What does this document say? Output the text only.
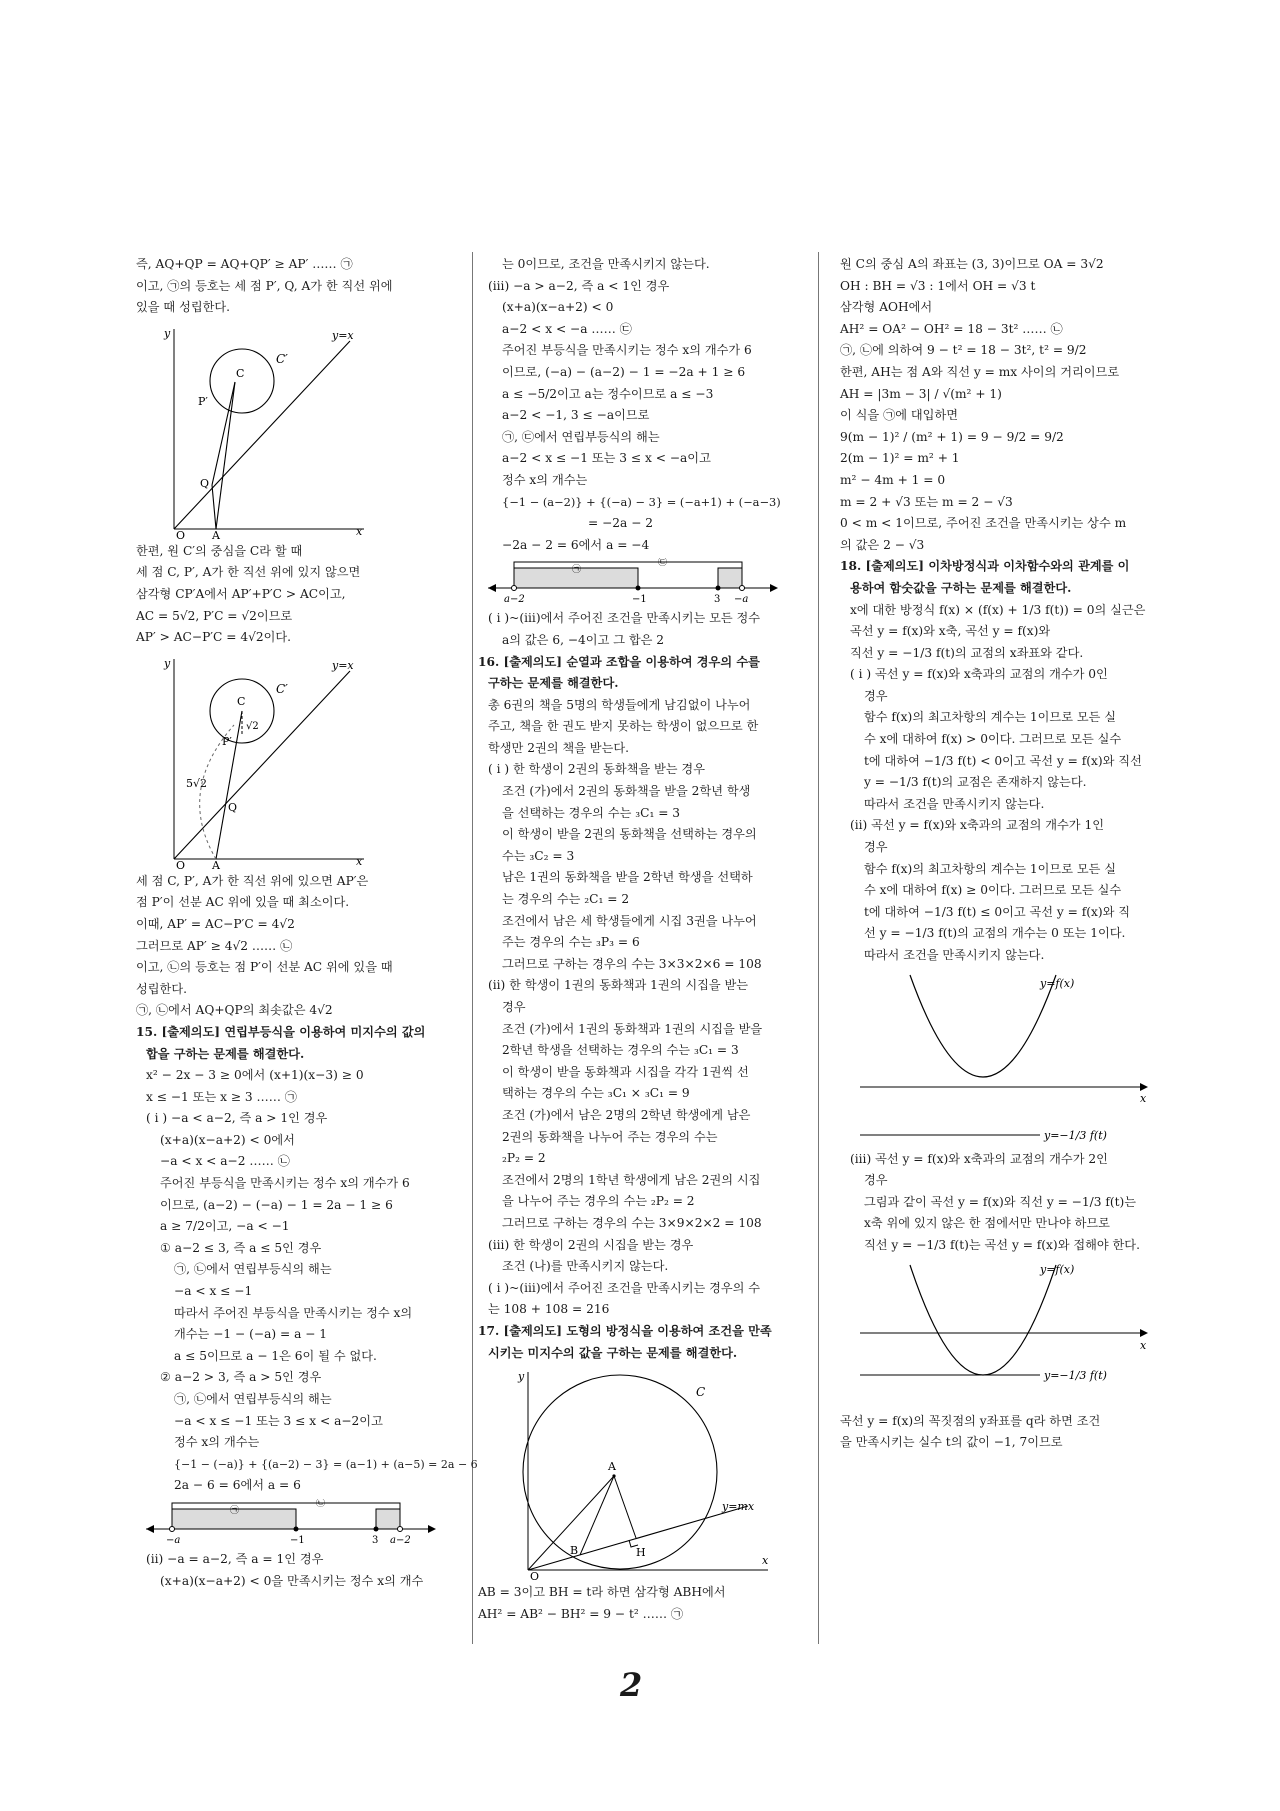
즉, AQ+QP = AQ+QP′ ≥ AP′ …… ㉠

이고, ㉠의 등호는 세 점 P′, Q, A가 한 직선 위에

있을 때 성립한다.

y
x
y=x
C′
C
P′
Q
O A

한편, 원 C′의 중심을 C라 할 때

세 점 C, P′, A가 한 직선 위에 있지 않으면

삼각형 CP′A에서 AP′+P′C > AC이고,

AC = 5√2, P′C = √2이므로

AP′ > AC−P′C = 4√2이다.

y
x
y=x
C′
C
√2
5√2
P′
Q
O A

세 점 C, P′, A가 한 직선 위에 있으면 AP′은

점 P′이 선분 AC 위에 있을 때 최소이다.

이때, AP′ = AC−P′C = 4√2

그러므로 AP′ ≥ 4√2 …… ㉡

이고, ㉡의 등호는 점 P′이 선분 AC 위에 있을 때

성립한다.

㉠, ㉡에서 AQ+QP의 최솟값은 4√2

15. [출제의도] 연립부등식을 이용하여 미지수의 값의

합을 구하는 문제를 해결한다.

x² − 2x − 3 ≥ 0에서 (x+1)(x−3) ≥ 0

x ≤ −1 또는 x ≥ 3 …… ㉠

( i ) −a < a−2, 즉 a > 1인 경우

(x+a)(x−a+2) < 0에서

−a < x < a−2 …… ㉡

주어진 부등식을 만족시키는 정수 x의 개수가 6

이므로, (a−2) − (−a) − 1 = 2a − 1 ≥ 6

a ≥ 7/2이고, −a < −1

① a−2 ≤ 3, 즉 a ≤ 5인 경우

㉠, ㉡에서 연립부등식의 해는

−a < x ≤ −1

따라서 주어진 부등식을 만족시키는 정수 x의

개수는 −1 − (−a) = a − 1

a ≤ 5이므로 a − 1은 6이 될 수 없다.

② a−2 > 3, 즉 a > 5인 경우

㉠, ㉡에서 연립부등식의 해는

−a < x ≤ −1 또는 3 ≤ x < a−2이고

정수 x의 개수는

{−1 − (−a)} + {(a−2) − 3} = (a−1) + (a−5) = 2a − 6

2a − 6 = 6에서 a = 6

㉠
㉡
−a	−1	3 a−2

(ii) −a = a−2, 즉 a = 1인 경우

(x+a)(x−a+2) < 0을 만족시키는 정수 x의 개수

는 0이므로, 조건을 만족시키지 않는다.

(iii) −a > a−2, 즉 a < 1인 경우

(x+a)(x−a+2) < 0

a−2 < x < −a …… ㉢

주어진 부등식을 만족시키는 정수 x의 개수가 6

이므로, (−a) − (a−2) − 1 = −2a + 1 ≥ 6

a ≤ −5/2이고 a는 정수이므로 a ≤ −3

a−2 < −1, 3 ≤ −a이므로

㉠, ㉢에서 연립부등식의 해는

a−2 < x ≤ −1 또는 3 ≤ x < −a이고

정수 x의 개수는

{−1 − (a−2)} + {(−a) − 3} = (−a+1) + (−a−3)

= −2a − 2

−2a − 2 = 6에서 a = −4

㉠
㉢
a−2	−1	3 −a

( i )~(iii)에서 주어진 조건을 만족시키는 모든 정수

a의 값은 6, −4이고 그 합은 2

16. [출제의도] 순열과 조합을 이용하여 경우의 수를

구하는 문제를 해결한다.

총 6권의 책을 5명의 학생들에게 남김없이 나누어

주고, 책을 한 권도 받지 못하는 학생이 없으므로 한

학생만 2권의 책을 받는다.

( i ) 한 학생이 2권의 동화책을 받는 경우

조건 (가)에서 2권의 동화책을 받을 2학년 학생

을 선택하는 경우의 수는 ₃C₁ = 3

이 학생이 받을 2권의 동화책을 선택하는 경우의

수는 ₃C₂ = 3

남은 1권의 동화책을 받을 2학년 학생을 선택하

는 경우의 수는 ₂C₁ = 2

조건에서 남은 세 학생들에게 시집 3권을 나누어

주는 경우의 수는 ₃P₃ = 6

그러므로 구하는 경우의 수는 3×3×2×6 = 108

(ii) 한 학생이 1권의 동화책과 1권의 시집을 받는

경우

조건 (가)에서 1권의 동화책과 1권의 시집을 받을

2학년 학생을 선택하는 경우의 수는 ₃C₁ = 3

이 학생이 받을 동화책과 시집을 각각 1권씩 선

택하는 경우의 수는 ₃C₁ × ₃C₁ = 9

조건 (가)에서 남은 2명의 2학년 학생에게 남은

2권의 동화책을 나누어 주는 경우의 수는

₂P₂ = 2

조건에서 2명의 1학년 학생에게 남은 2권의 시집

을 나누어 주는 경우의 수는 ₂P₂ = 2

그러므로 구하는 경우의 수는 3×9×2×2 = 108

(iii) 한 학생이 2권의 시집을 받는 경우

조건 (나)를 만족시키지 않는다.

( i )~(iii)에서 주어진 조건을 만족시키는 경우의 수

는 108 + 108 = 216

17. [출제의도] 도형의 방정식을 이용하여 조건을 만족

시키는 미지수의 값을 구하는 문제를 해결한다.

y
x
C
A
B	H
O
y=mx

AB = 3이고 BH = t라 하면 삼각형 ABH에서

AH² = AB² − BH² = 9 − t² …… ㉠

원 C의 중심 A의 좌표는 (3, 3)이므로 OA = 3√2

OH : BH = √3 : 1에서 OH = √3 t

삼각형 AOH에서

AH² = OA² − OH² = 18 − 3t² …… ㉡

㉠, ㉡에 의하여 9 − t² = 18 − 3t², t² = 9/2

한편, AH는 점 A와 직선 y = mx 사이의 거리이므로

AH = |3m − 3| / √(m² + 1)

이 식을 ㉠에 대입하면

9(m − 1)² / (m² + 1) = 9 − 9/2 = 9/2

2(m − 1)² = m² + 1

m² − 4m + 1 = 0

m = 2 + √3 또는 m = 2 − √3

0 < m < 1이므로, 주어진 조건을 만족시키는 상수 m

의 값은 2 − √3

18. [출제의도] 이차방정식과 이차함수와의 관계를 이

용하여 함숫값을 구하는 문제를 해결한다.

x에 대한 방정식 f(x) × (f(x) + 1/3 f(t)) = 0의 실근은

곡선 y = f(x)와 x축, 곡선 y = f(x)와

직선 y = −1/3 f(t)의 교점의 x좌표와 같다.

( i ) 곡선 y = f(x)와 x축과의 교점의 개수가 0인

경우

함수 f(x)의 최고차항의 계수는 1이므로 모든 실

수 x에 대하여 f(x) > 0이다. 그러므로 모든 실수

t에 대하여 −1/3 f(t) < 0이고 곡선 y = f(x)와 직선

y = −1/3 f(t)의 교점은 존재하지 않는다.

따라서 조건을 만족시키지 않는다.

(ii) 곡선 y = f(x)와 x축과의 교점의 개수가 1인

경우

함수 f(x)의 최고차항의 계수는 1이므로 모든 실

수 x에 대하여 f(x) ≥ 0이다. 그러므로 모든 실수

t에 대하여 −1/3 f(t) ≤ 0이고 곡선 y = f(x)와 직

선 y = −1/3 f(t)의 교점의 개수는 0 또는 1이다.

따라서 조건을 만족시키지 않는다.

y=f(x)
x
y=−1/3 f(t)

(iii) 곡선 y = f(x)와 x축과의 교점의 개수가 2인

경우

그림과 같이 곡선 y = f(x)와 직선 y = −1/3 f(t)는

x축 위에 있지 않은 한 점에서만 만나야 하므로

직선 y = −1/3 f(t)는 곡선 y = f(x)와 접해야 한다.

y=f(x)
x
y=−1/3 f(t)

곡선 y = f(x)의 꼭짓점의 y좌표를 q라 하면 조건

을 만족시키는 실수 t의 값이 −1, 7이므로

2
